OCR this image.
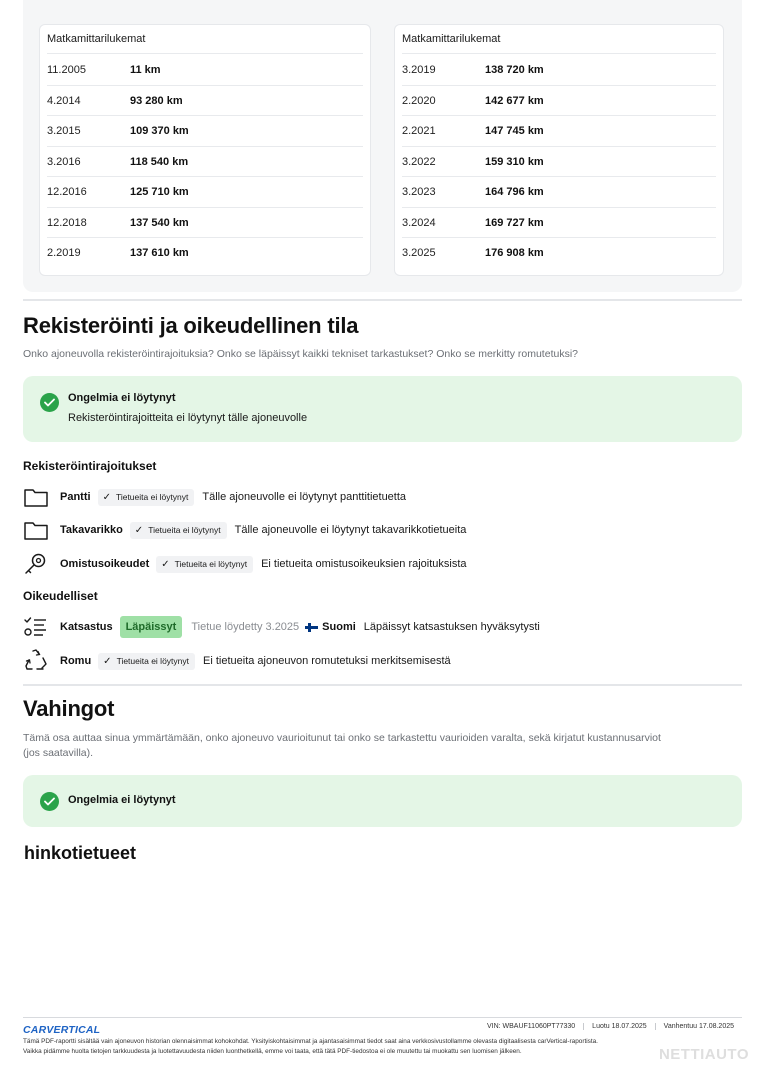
Matkamittarilukemat
11.2005	11 km
4.2014	93 280 km
3.2015	109 370 km
3.2016	118 540 km
12.2016	125 710 km
12.2018	137 540 km
2.2019	137 610 km
Matkamittarilukemat
3.2019	138 720 km
2.2020	142 677 km
2.2021	147 745 km
3.2022	159 310 km
3.2023	164 796 km
3.2024	169 727 km
3.2025	176 908 km
Rekisteröinti ja oikeudellinen tila
Onko ajoneuvolla rekisteröintirajoituksia? Onko se läpäissyt kaikki tekniset tarkastukset? Onko se merkitty romutetuksi?
Ongelmia ei löytynyt
Rekisteröintirajoitteita ei löytynyt tälle ajoneuvolle
Rekisteröintirajoitukset
Pantti ✓ Tietueita ei löytynyt Tälle ajoneuvolle ei löytynyt panttitietuetta
Takavarikko ✓ Tietueita ei löytynyt Tälle ajoneuvolle ei löytynyt takavarikkotietueita
Omistusoikeudet ✓ Tietueita ei löytynyt Ei tietueita omistusoikeuksien rajoituksista
Oikeudelliset
Katsastus	Läpäissyt	Tietue löydetty 3.2025 Suomi Läpäissyt katsastuksen hyväksytysti
Romu ✓ Tietueita ei löytynyt Ei tietueita ajoneuvon romutetuksi merkitsemisestä
Vahingot
Tämä osa auttaa sinua ymmärtämään, onko ajoneuvo vaurioitunut tai onko se tarkastettu vaurioiden varalta, sekä kirjatut kustannusarviot (jos saatavilla).
Ongelmia ei löytynyt
hinkotietueet
CARVERTICAL	VIN: WBAUF11060PT77330	Luotu 18.07.2025	Vanhentuu 17.08.2025
Tämä PDF-raportti sisältää vain ajoneuvon historian olennaisimmat kohokohdat. Yksityiskohtaisimmat ja ajantasaisimmat tiedot saat aina verkkosivustollamme olevasta digitaalisesta carVertical-raportista.
Vaikka pidämme huolta tietojen tarkkuudesta ja luotettavuudesta niiden luonthetkellä, emme voi taata, että tätä PDF-tiedostoa ei ole muutettu tai muokattu sen luomisen jälkeen.	NETTIAUTO
